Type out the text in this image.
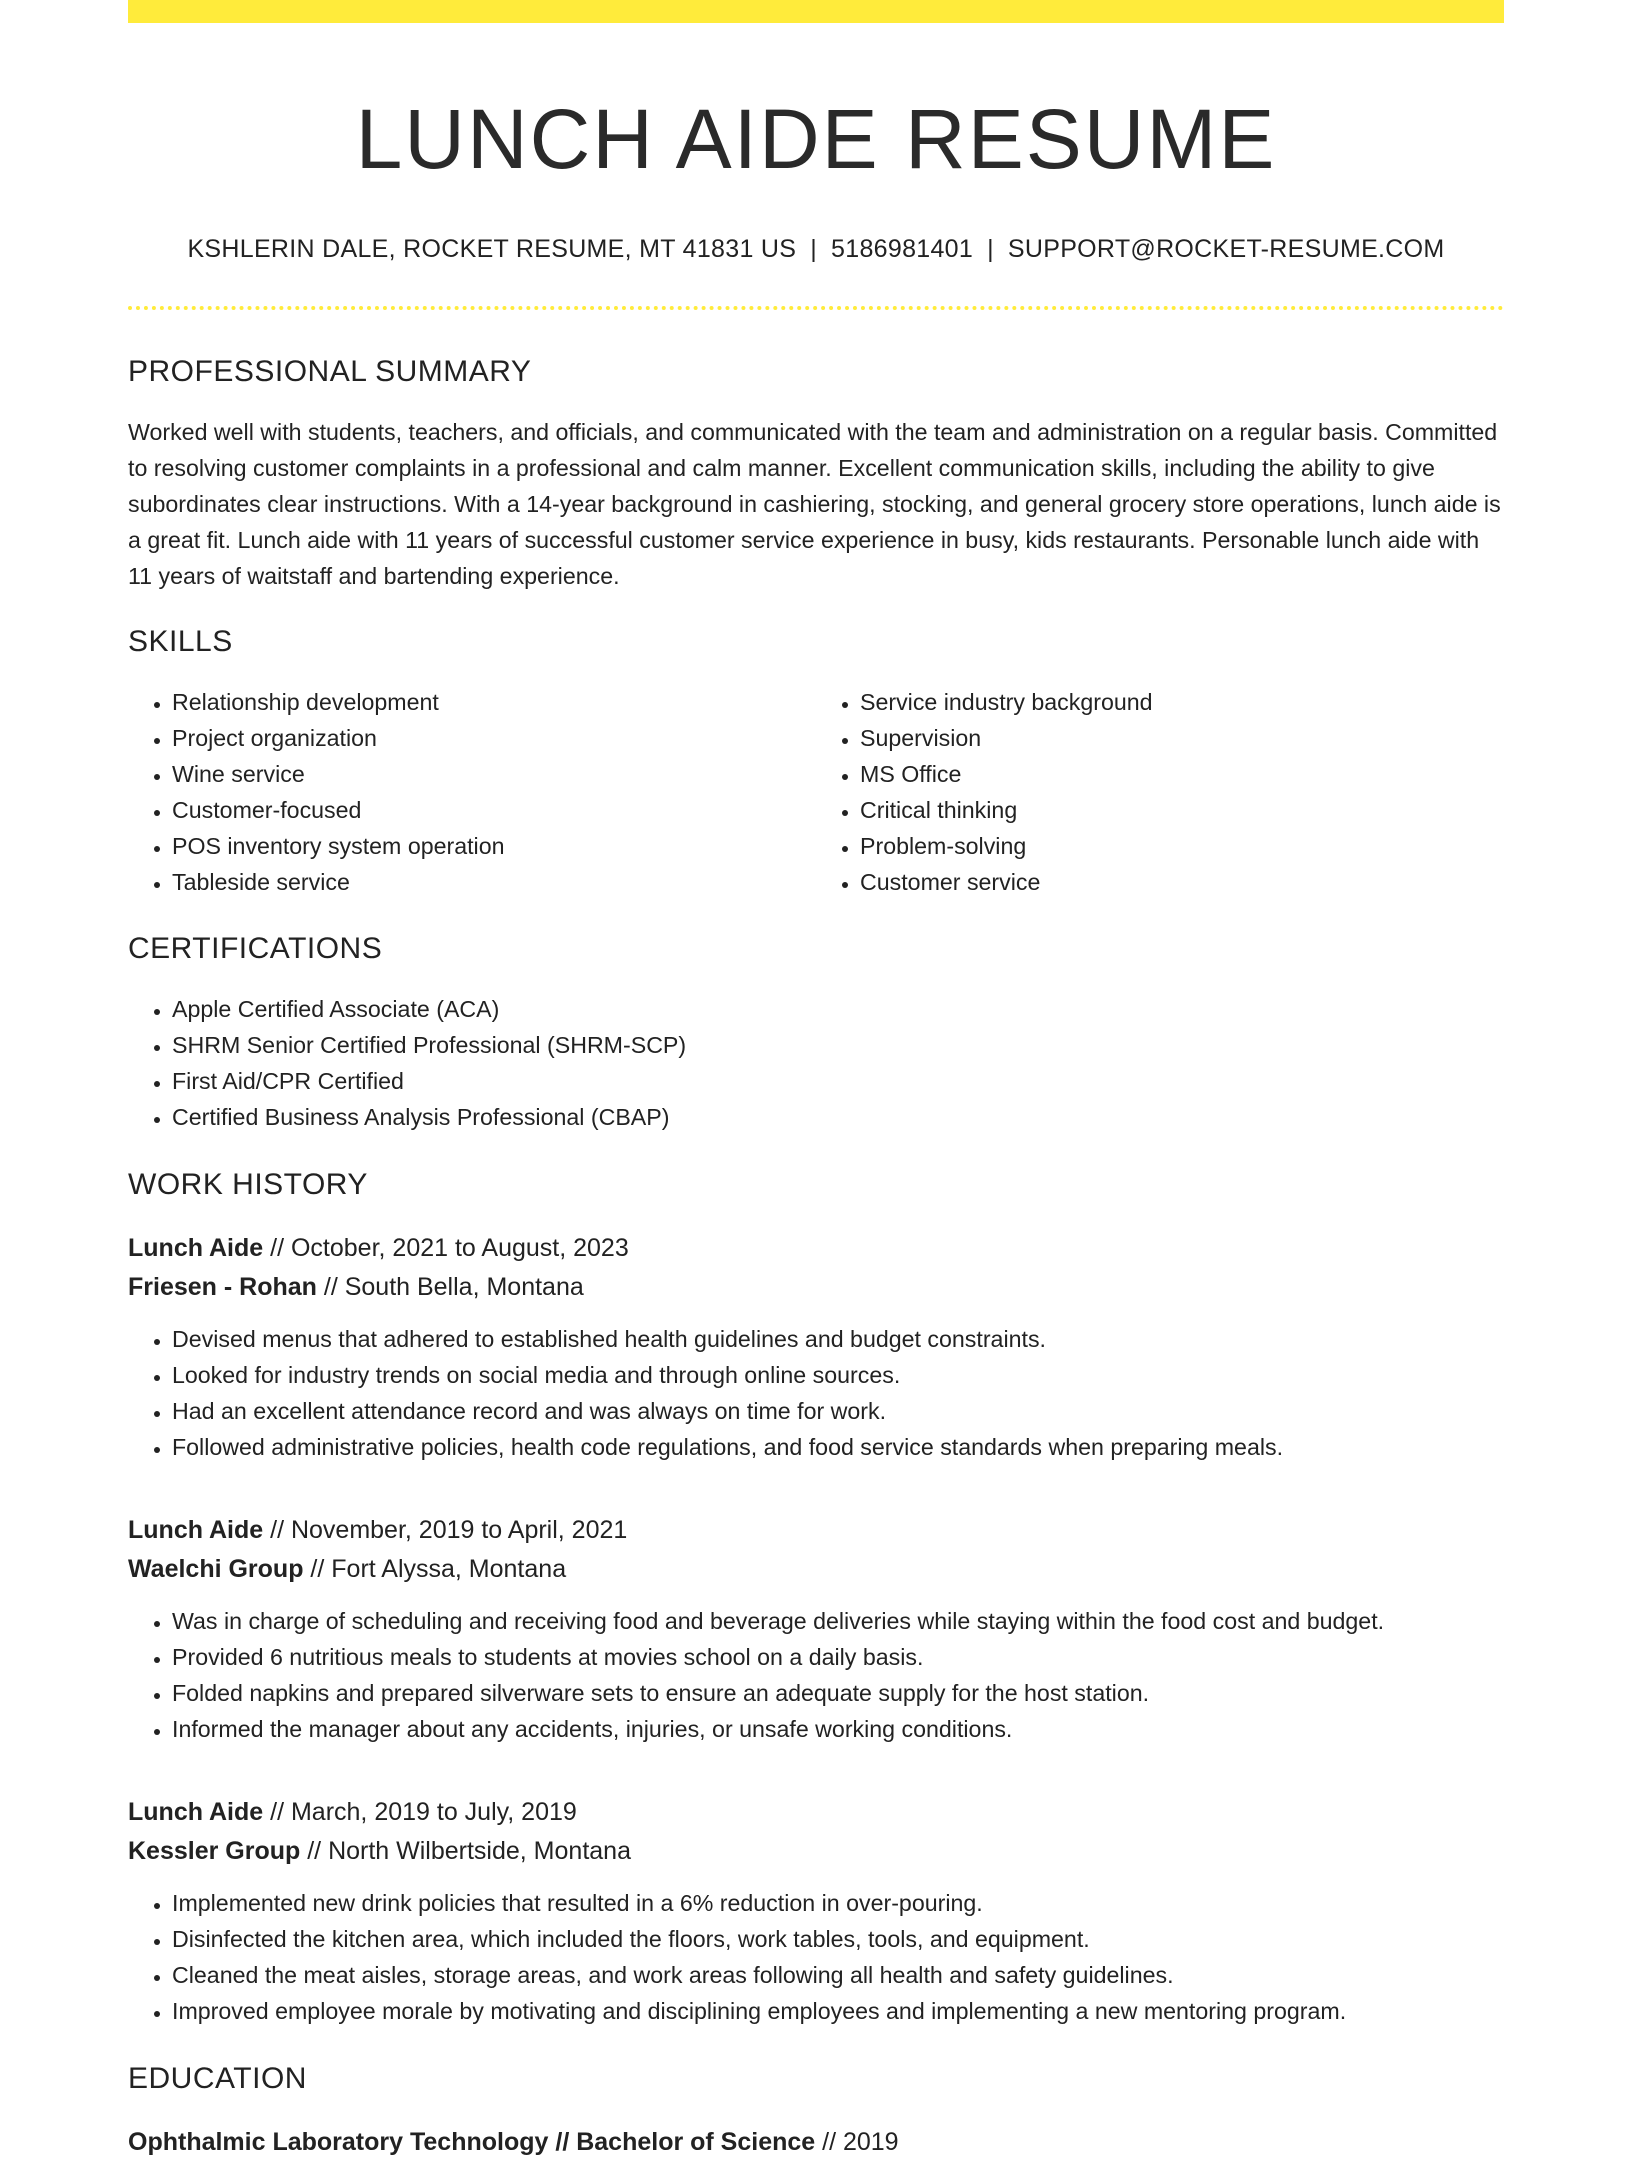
LUNCH AIDE RESUME
KSHLERIN DALE, ROCKET RESUME, MT 41831 US | 5186981401 | SUPPORT@ROCKET-RESUME.COM
PROFESSIONAL SUMMARY
Worked well with students, teachers, and officials, and communicated with the team and administration on a regular basis. Committed to resolving customer complaints in a professional and calm manner. Excellent communication skills, including the ability to give subordinates clear instructions. With a 14-year background in cashiering, stocking, and general grocery store operations, lunch aide is a great fit. Lunch aide with 11 years of successful customer service experience in busy, kids restaurants. Personable lunch aide with 11 years of waitstaff and bartending experience.
SKILLS
• Relationship development
• Project organization
• Wine service
• Customer-focused
• POS inventory system operation
• Tableside service
• Service industry background
• Supervision
• MS Office
• Critical thinking
• Problem-solving
• Customer service
CERTIFICATIONS
• Apple Certified Associate (ACA)
• SHRM Senior Certified Professional (SHRM-SCP)
• First Aid/CPR Certified
• Certified Business Analysis Professional (CBAP)
WORK HISTORY
Lunch Aide // October, 2021 to August, 2023
Friesen - Rohan // South Bella, Montana
• Devised menus that adhered to established health guidelines and budget constraints.
• Looked for industry trends on social media and through online sources.
• Had an excellent attendance record and was always on time for work.
• Followed administrative policies, health code regulations, and food service standards when preparing meals.
Lunch Aide // November, 2019 to April, 2021
Waelchi Group // Fort Alyssa, Montana
• Was in charge of scheduling and receiving food and beverage deliveries while staying within the food cost and budget.
• Provided 6 nutritious meals to students at movies school on a daily basis.
• Folded napkins and prepared silverware sets to ensure an adequate supply for the host station.
• Informed the manager about any accidents, injuries, or unsafe working conditions.
Lunch Aide // March, 2019 to July, 2019
Kessler Group // North Wilbertside, Montana
• Implemented new drink policies that resulted in a 6% reduction in over-pouring.
• Disinfected the kitchen area, which included the floors, work tables, tools, and equipment.
• Cleaned the meat aisles, storage areas, and work areas following all health and safety guidelines.
• Improved employee morale by motivating and disciplining employees and implementing a new mentoring program.
EDUCATION
Ophthalmic Laboratory Technology // Bachelor of Science // 2019
